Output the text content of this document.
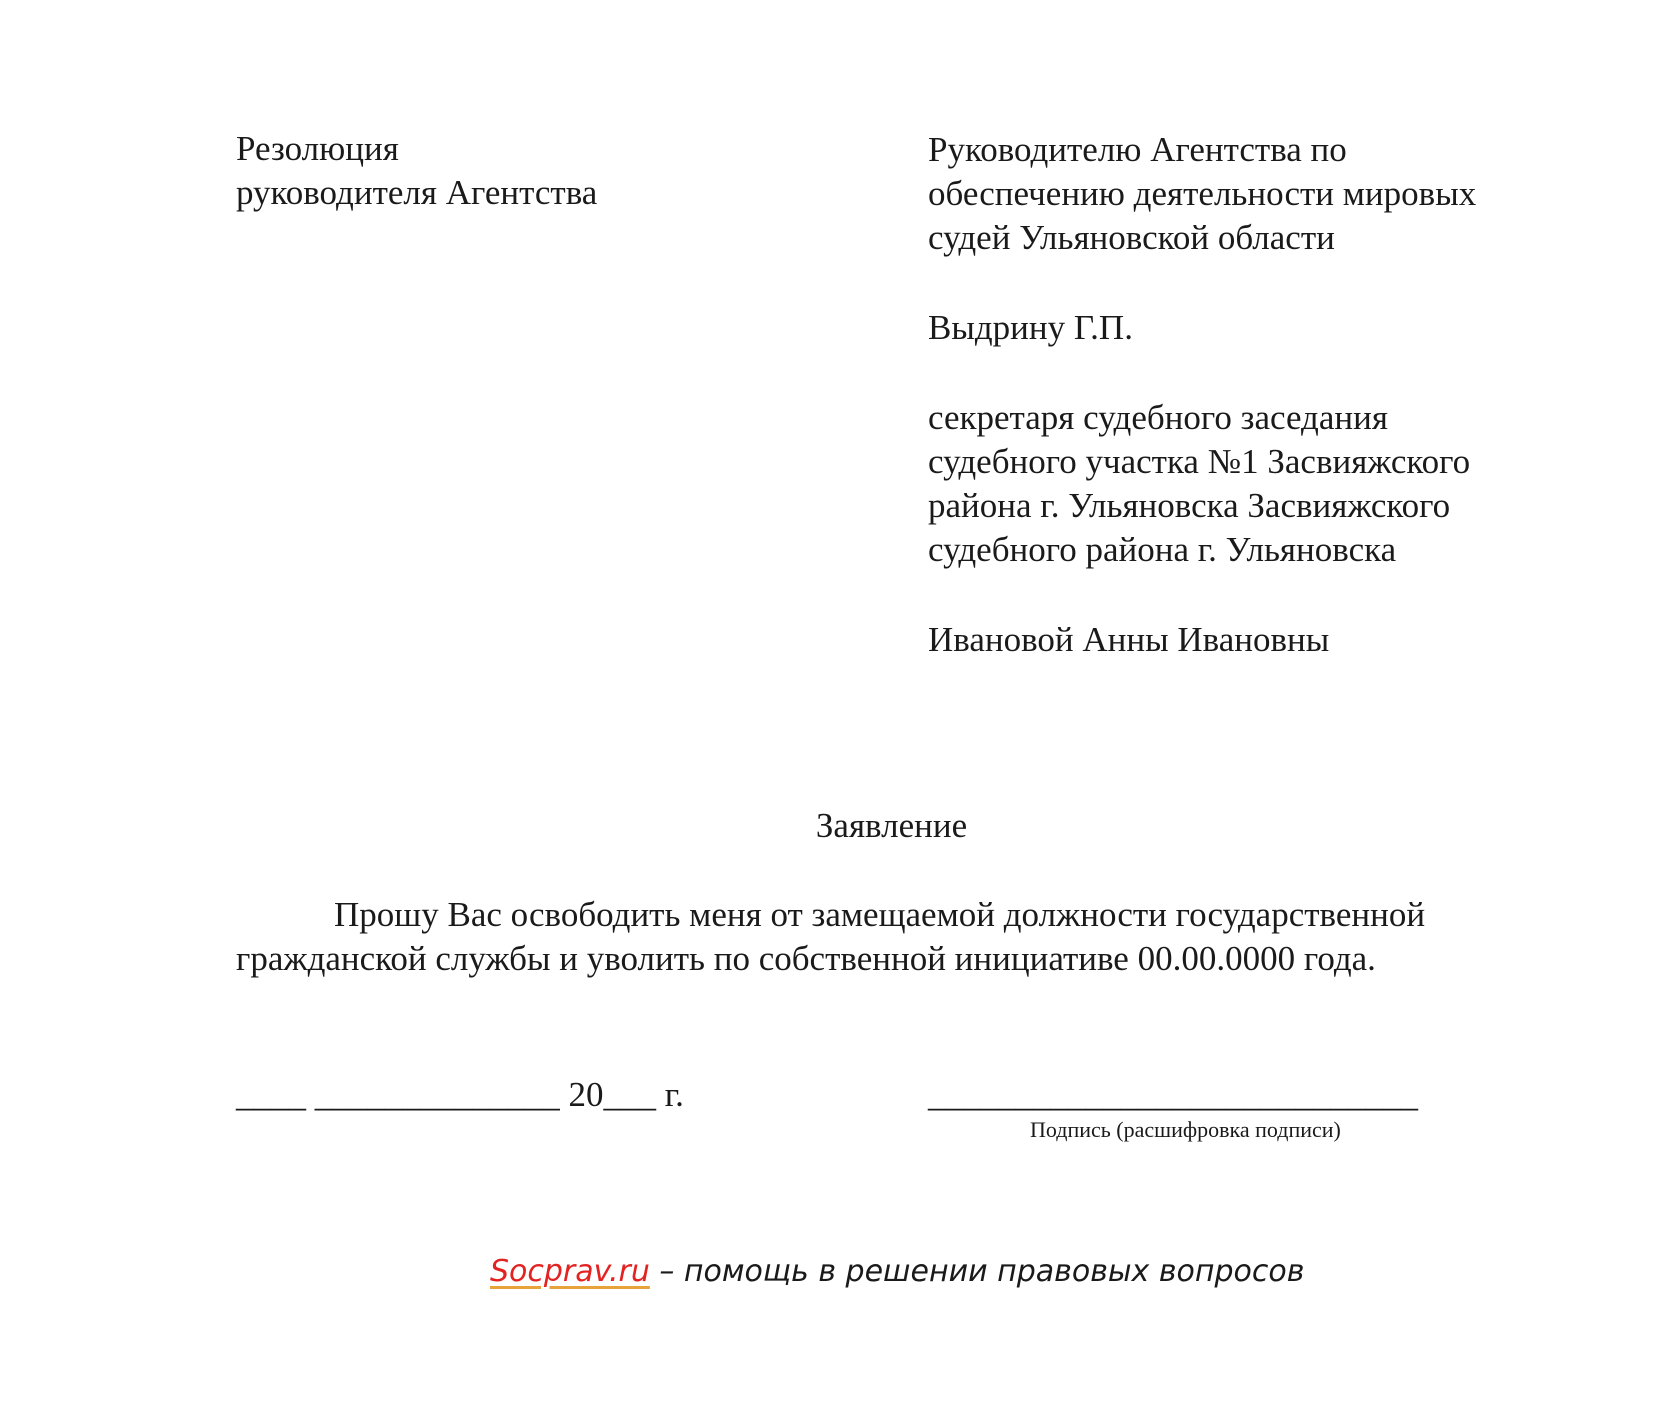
Резолюция
руководителя Агентства
Руководителю Агентства по
обеспечению деятельности мировых
судей Ульяновской области
Выдрину Г.П.
секретаря судебного заседания
судебного участка №1 Засвияжского
района г. Ульяновска Засвияжского
судебного района г. Ульяновска
Ивановой Анны Ивановны
Заявление
Прошу Вас освободить меня от замещаемой должности государственной
гражданской службы и уволить по собственной инициативе 00.00.0000 года.
____ ______________ 20___ г.	____________________________
Подпись (расшифровка подписи)
Socprav.ru – помощь в решении правовых вопросов
